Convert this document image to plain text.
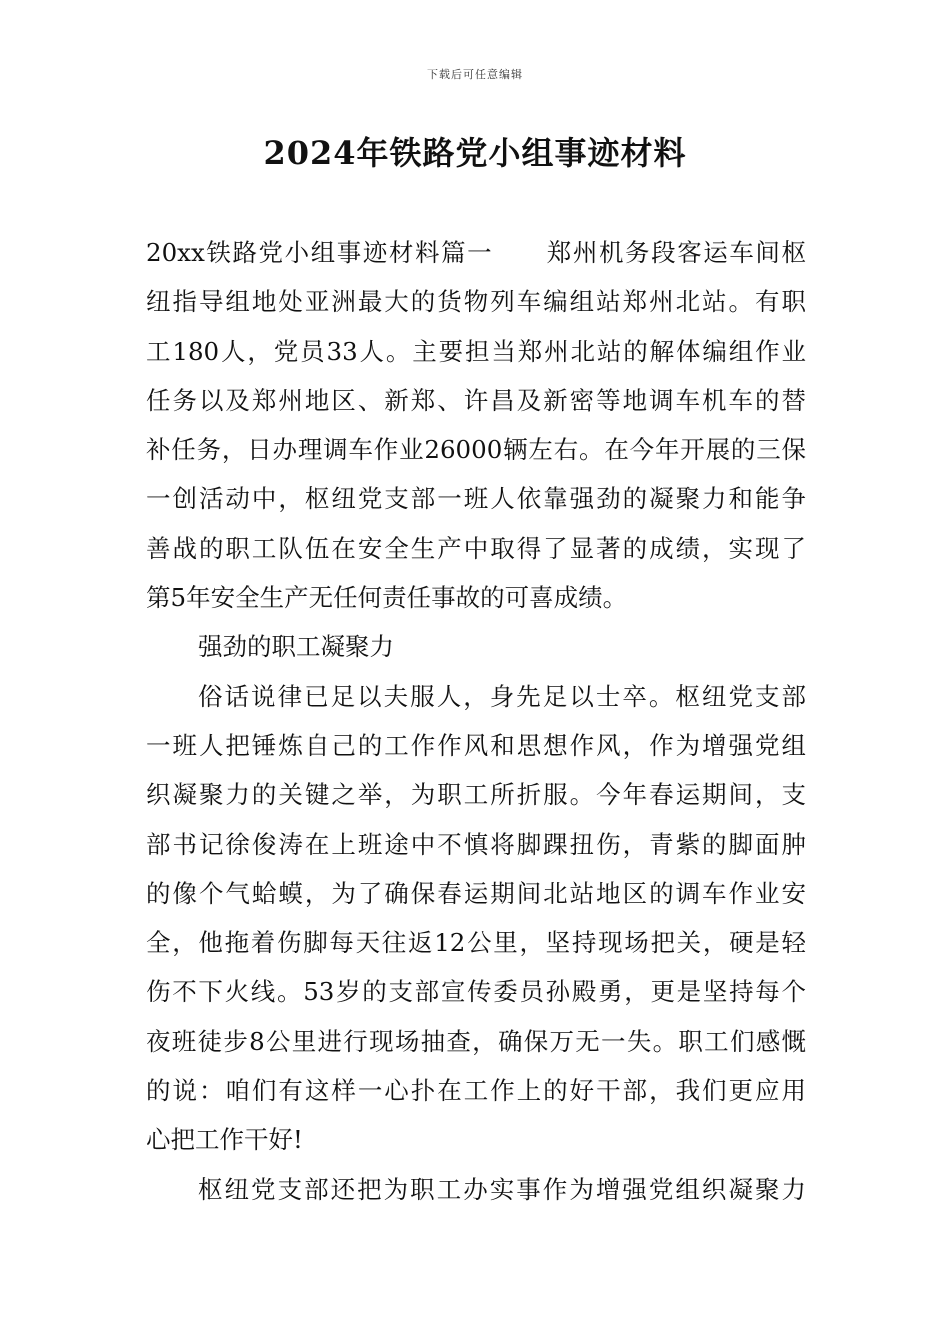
下载后可任意编辑
2024年铁路党小组事迹材料
20xx铁路党小组事迹材料篇一 郑州机务段客运车间枢
纽指导组地处亚洲最大的货物列车编组站郑州北站。有职
工180人，党员33人。主要担当郑州北站的解体编组作业
任务以及郑州地区、新郑、许昌及新密等地调车机车的替
补任务，日办理调车作业26000辆左右。在今年开展的三保
一创活动中，枢纽党支部一班人依靠强劲的凝聚力和能争
善战的职工队伍在安全生产中取得了显著的成绩，实现了
第5年安全生产无任何责任事故的可喜成绩。
强劲的职工凝聚力
俗话说律已足以夫服人，身先足以士卒。枢纽党支部
一班人把锤炼自己的工作作风和思想作风，作为增强党组
织凝聚力的关键之举，为职工所折服。今年春运期间，支
部书记徐俊涛在上班途中不慎将脚踝扭伤，青紫的脚面肿
的像个气蛤蟆，为了确保春运期间北站地区的调车作业安
全，他拖着伤脚每天往返12公里，坚持现场把关，硬是轻
伤不下火线。53岁的支部宣传委员孙殿勇，更是坚持每个
夜班徒步8公里进行现场抽查，确保万无一失。职工们感慨
的说：咱们有这样一心扑在工作上的好干部，我们更应用
心把工作干好!
枢纽党支部还把为职工办实事作为增强党组织凝聚力
